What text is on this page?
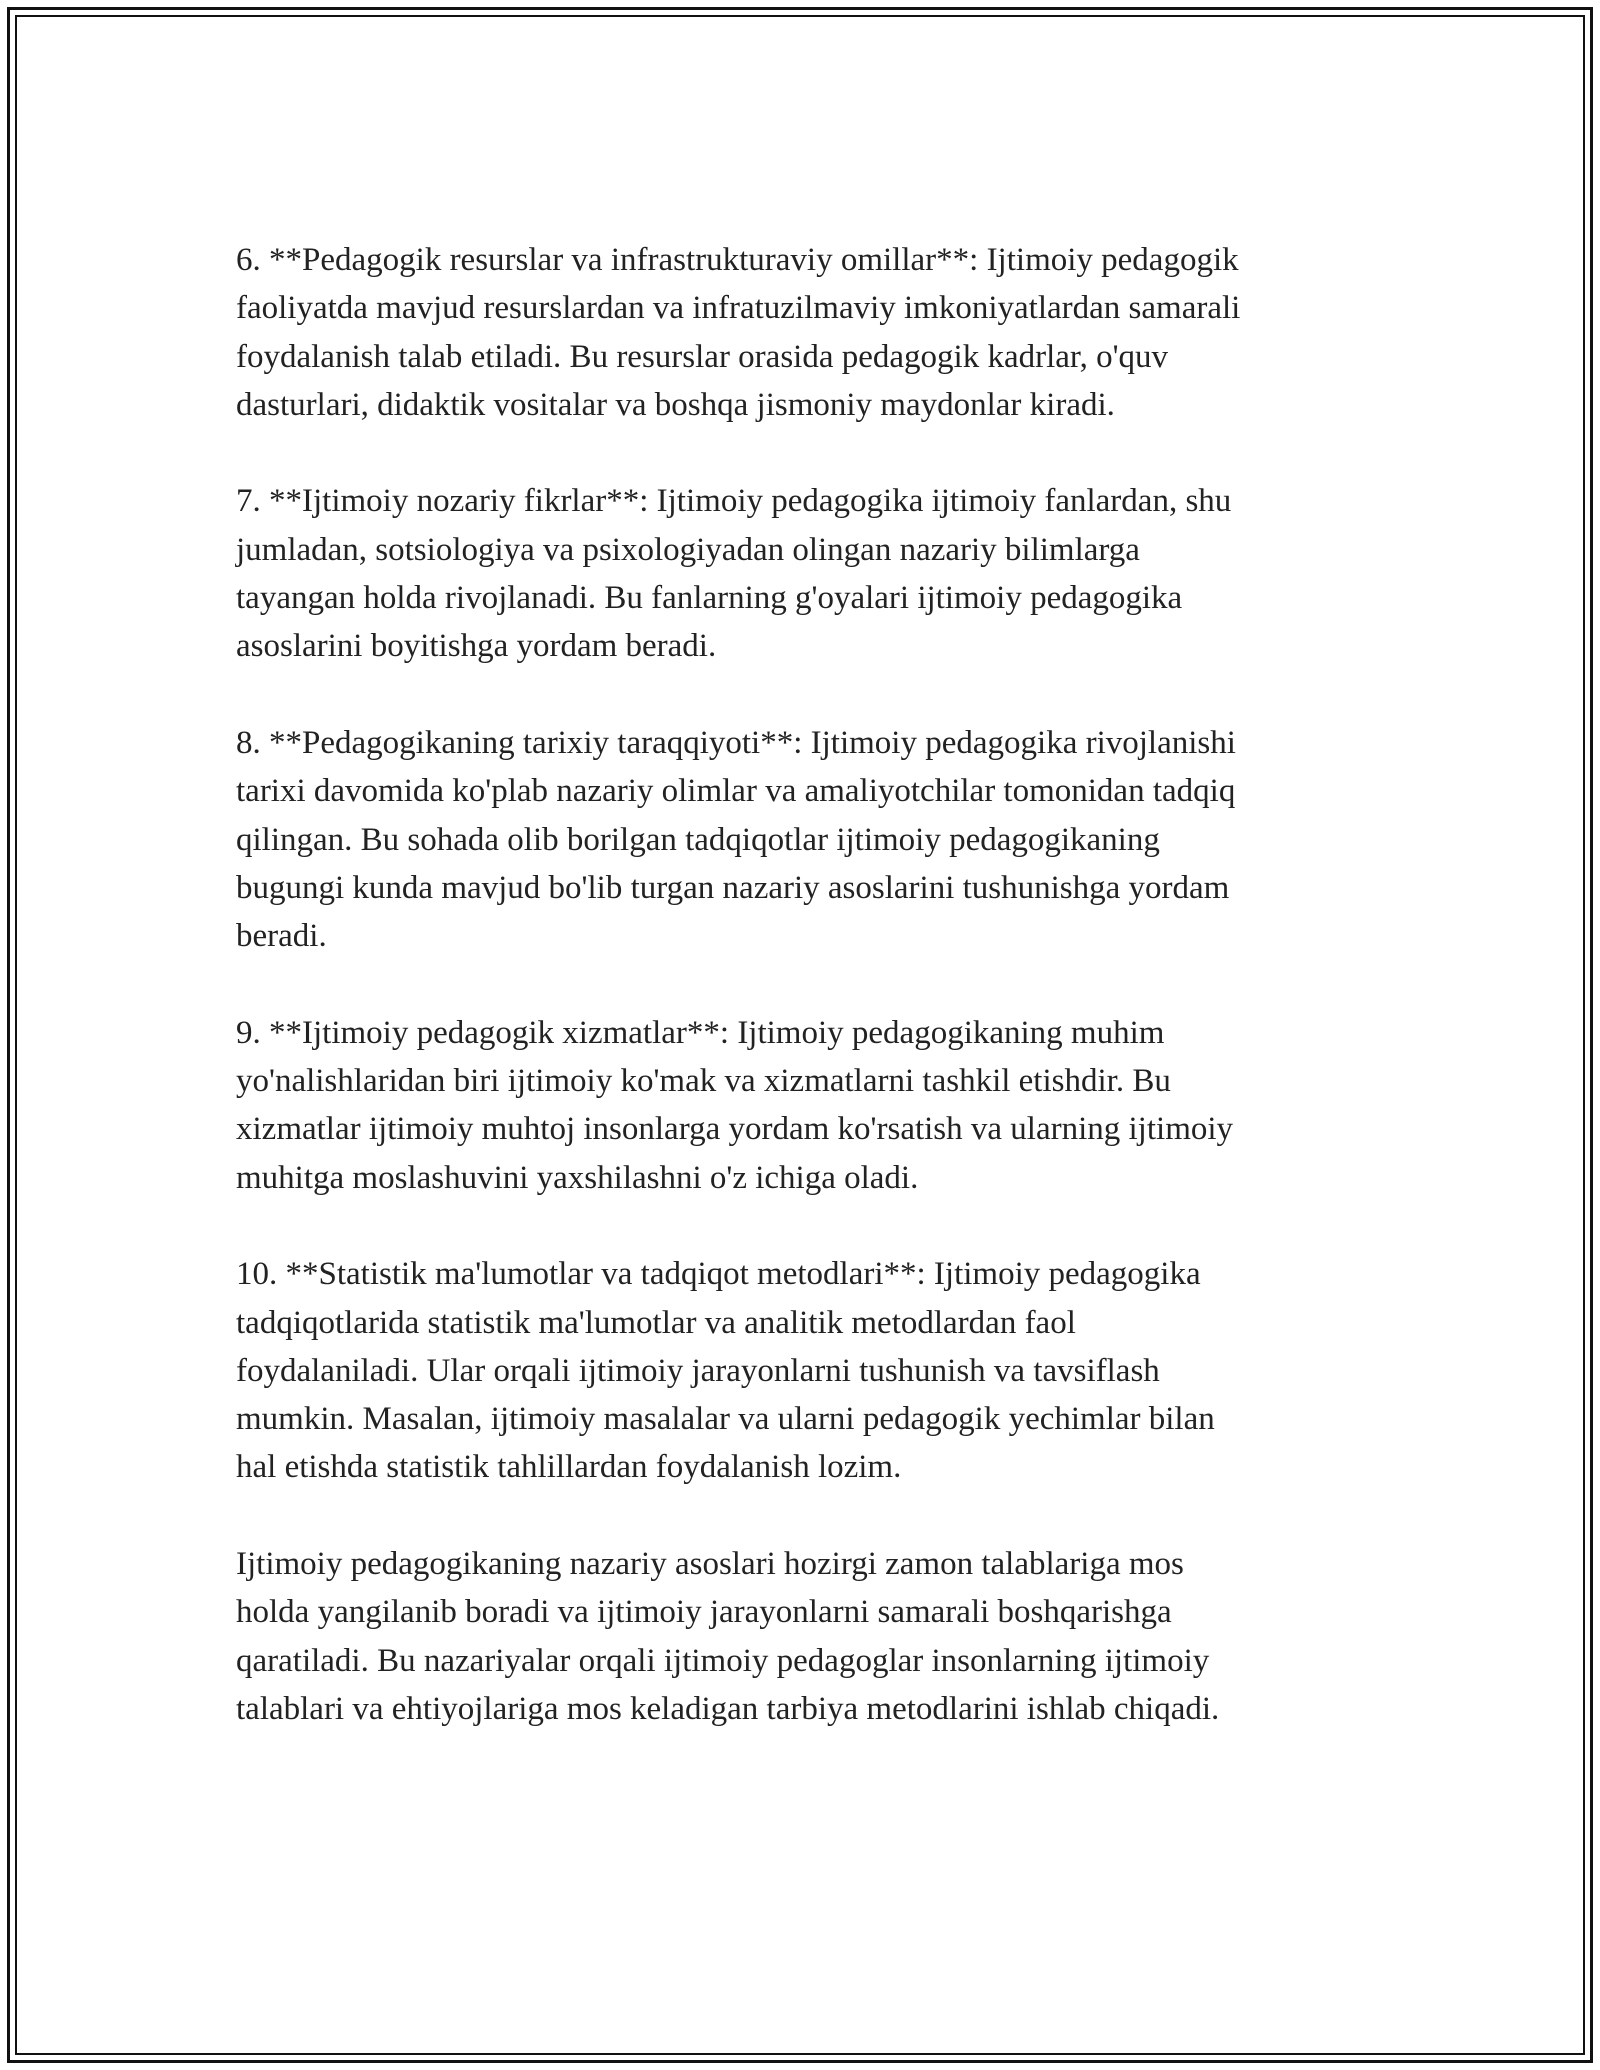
6. **Pedagogik resurslar va infrastrukturaviy omillar**: Ijtimoiy pedagogik
faoliyatda mavjud resurslardan va infratuzilmaviy imkoniyatlardan samarali
foydalanish talab etiladi. Bu resurslar orasida pedagogik kadrlar, o'quv
dasturlari, didaktik vositalar va boshqa jismoniy maydonlar kiradi.

7. **Ijtimoiy nozariy fikrlar**: Ijtimoiy pedagogika ijtimoiy fanlardan, shu
jumladan, sotsiologiya va psixologiyadan olingan nazariy bilimlarga
tayangan holda rivojlanadi. Bu fanlarning g'oyalari ijtimoiy pedagogika
asoslarini boyitishga yordam beradi.

8. **Pedagogikaning tarixiy taraqqiyoti**: Ijtimoiy pedagogika rivojlanishi
tarixi davomida ko'plab nazariy olimlar va amaliyotchilar tomonidan tadqiq
qilingan. Bu sohada olib borilgan tadqiqotlar ijtimoiy pedagogikaning
bugungi kunda mavjud bo'lib turgan nazariy asoslarini tushunishga yordam
beradi.

9. **Ijtimoiy pedagogik xizmatlar**: Ijtimoiy pedagogikaning muhim
yo'nalishlaridan biri ijtimoiy ko'mak va xizmatlarni tashkil etishdir. Bu
xizmatlar ijtimoiy muhtoj insonlarga yordam ko'rsatish va ularning ijtimoiy
muhitga moslashuvini yaxshilashni o'z ichiga oladi.

10. **Statistik ma'lumotlar va tadqiqot metodlari**: Ijtimoiy pedagogika
tadqiqotlarida statistik ma'lumotlar va analitik metodlardan faol
foydalaniladi. Ular orqali ijtimoiy jarayonlarni tushunish va tavsiflash
mumkin. Masalan, ijtimoiy masalalar va ularni pedagogik yechimlar bilan
hal etishda statistik tahlillardan foydalanish lozim.

Ijtimoiy pedagogikaning nazariy asoslari hozirgi zamon talablariga mos
holda yangilanib boradi va ijtimoiy jarayonlarni samarali boshqarishga
qaratiladi. Bu nazariyalar orqali ijtimoiy pedagoglar insonlarning ijtimoiy
talablari va ehtiyojlariga mos keladigan tarbiya metodlarini ishlab chiqadi.
